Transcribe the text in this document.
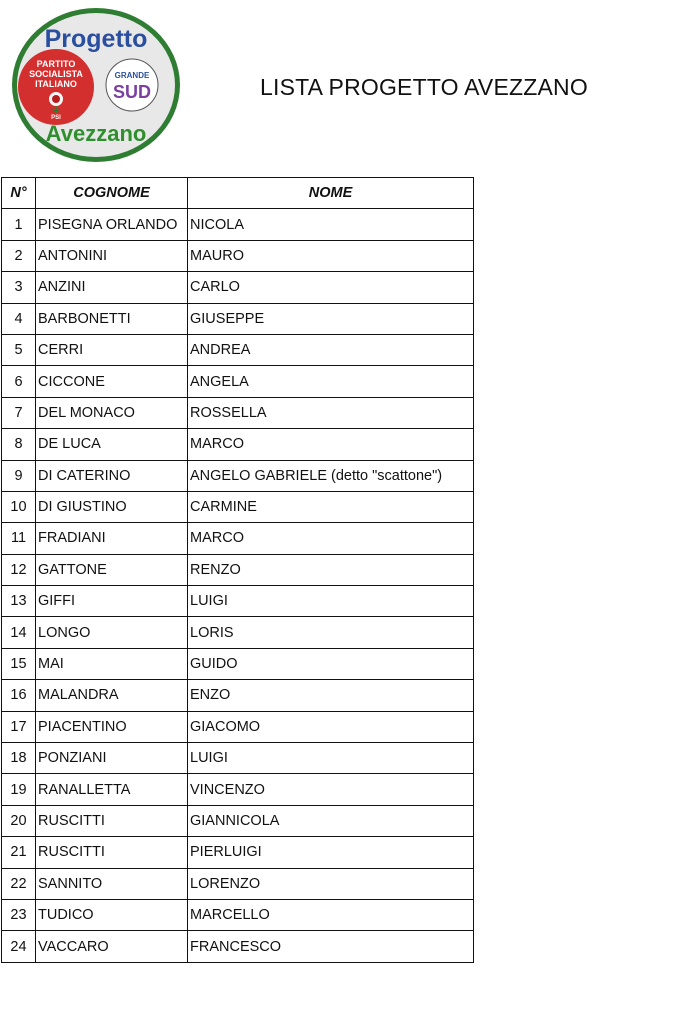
Progetto
PARTITO
SOCIALISTA
ITALIANO
PSI
GRANDE
SUD
Avezzano
LISTA PROGETTO AVEZZANO
N°	COGNOME	NOME
1	PISEGNA ORLANDO	NICOLA
2	ANTONINI	MAURO
3	ANZINI	CARLO
4	BARBONETTI	GIUSEPPE
5	CERRI	ANDREA
6	CICCONE	ANGELA
7	DEL MONACO	ROSSELLA
8	DE LUCA	MARCO
9	DI CATERINO	ANGELO GABRIELE (detto "scattone")
10	DI GIUSTINO	CARMINE
11	FRADIANI	MARCO
12	GATTONE	RENZO
13	GIFFI	LUIGI
14	LONGO	LORIS
15	MAI	GUIDO
16	MALANDRA	ENZO
17	PIACENTINO	GIACOMO
18	PONZIANI	LUIGI
19	RANALLETTA	VINCENZO
20	RUSCITTI	GIANNICOLA
21	RUSCITTI	PIERLUIGI
22	SANNITO	LORENZO
23	TUDICO	MARCELLO
24	VACCARO	FRANCESCO
